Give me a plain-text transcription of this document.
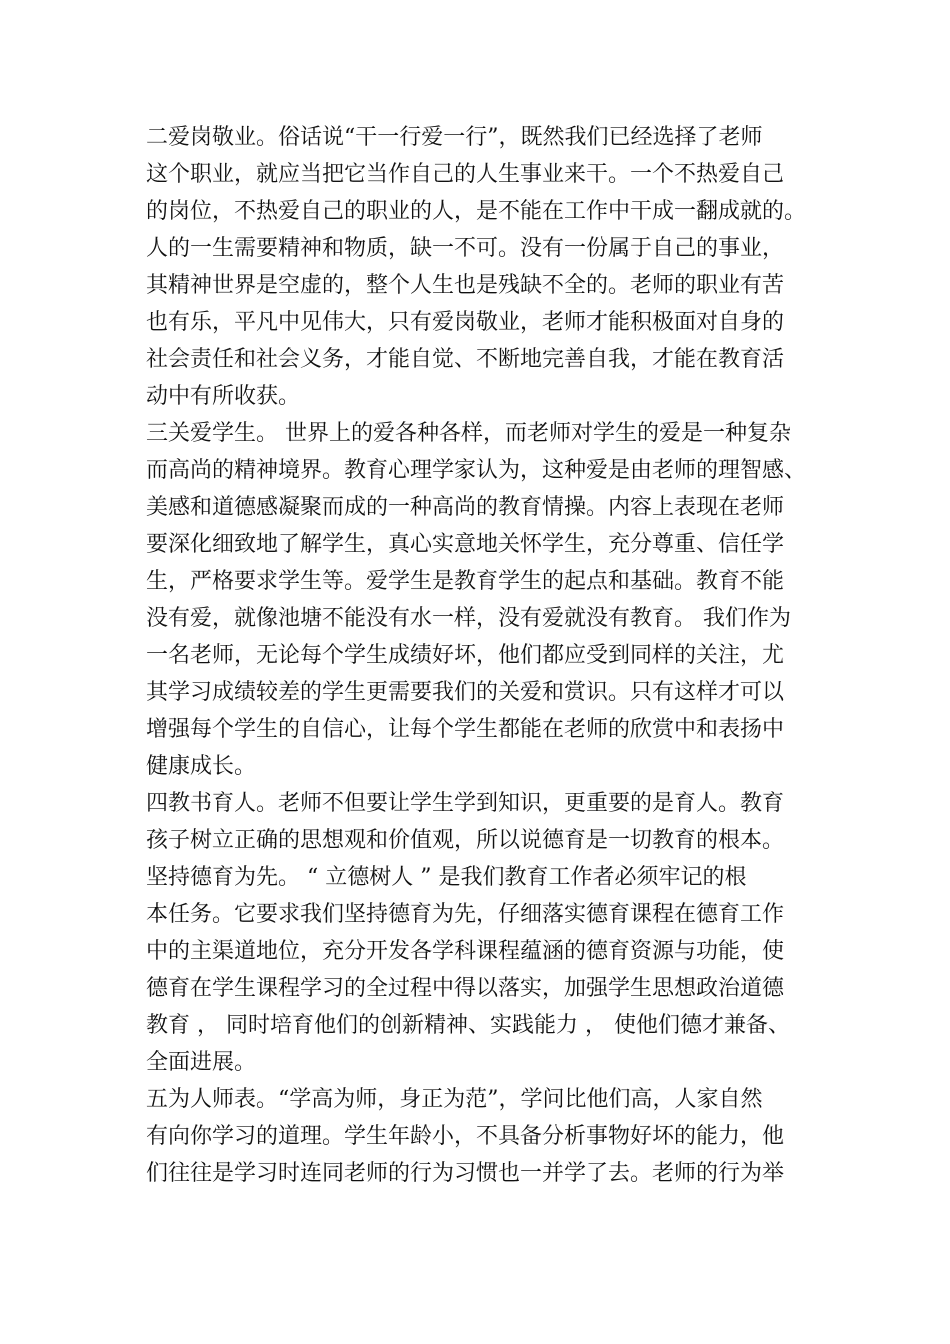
二爱岗敬业。俗话说“干一行爱一行”，既然我们已经选择了老师
这个职业，就应当把它当作自己的人生事业来干。一个不热爱自己
的岗位，不热爱自己的职业的人，是不能在工作中干成一翻成就的。
人的一生需要精神和物质，缺一不可。没有一份属于自己的事业，
其精神世界是空虚的，整个人生也是残缺不全的。老师的职业有苦
也有乐，平凡中见伟大，只有爱岗敬业，老师才能积极面对自身的
社会责任和社会义务，才能自觉、不断地完善自我，才能在教育活
动中有所收获。
三关爱学生。 世界上的爱各种各样，而老师对学生的爱是一种复杂
而高尚的精神境界。教育心理学家认为，这种爱是由老师的理智感、
美感和道德感凝聚而成的一种高尚的教育情操。内容上表现在老师
要深化细致地了解学生，真心实意地关怀学生，充分尊重、信任学
生，严格要求学生等。爱学生是教育学生的起点和基础。教育不能
没有爱，就像池塘不能没有水一样，没有爱就没有教育。 我们作为
一名老师，无论每个学生成绩好坏，他们都应受到同样的关注，尤
其学习成绩较差的学生更需要我们的关爱和赏识。只有这样才可以
增强每个学生的自信心，让每个学生都能在老师的欣赏中和表扬中
健康成长。
四教书育人。老师不但要让学生学到知识，更重要的是育人。教育
孩子树立正确的思想观和价值观，所以说德育是一切教育的根本。
坚持德育为先。 “ 立德树人 ” 是我们教育工作者必须牢记的根
本任务。它要求我们坚持德育为先，仔细落实德育课程在德育工作
中的主渠道地位，充分开发各学科课程蕴涵的德育资源与功能，使
德育在学生课程学习的全过程中得以落实，加强学生思想政治道德
教育 ， 同时培育他们的创新精神、实践能力 ， 使他们德才兼备、
全面进展。
五为人师表。“学高为师，身正为范”，学问比他们高，人家自然
有向你学习的道理。学生年龄小，不具备分析事物好坏的能力，他
们往往是学习时连同老师的行为习惯也一并学了去。老师的行为举
